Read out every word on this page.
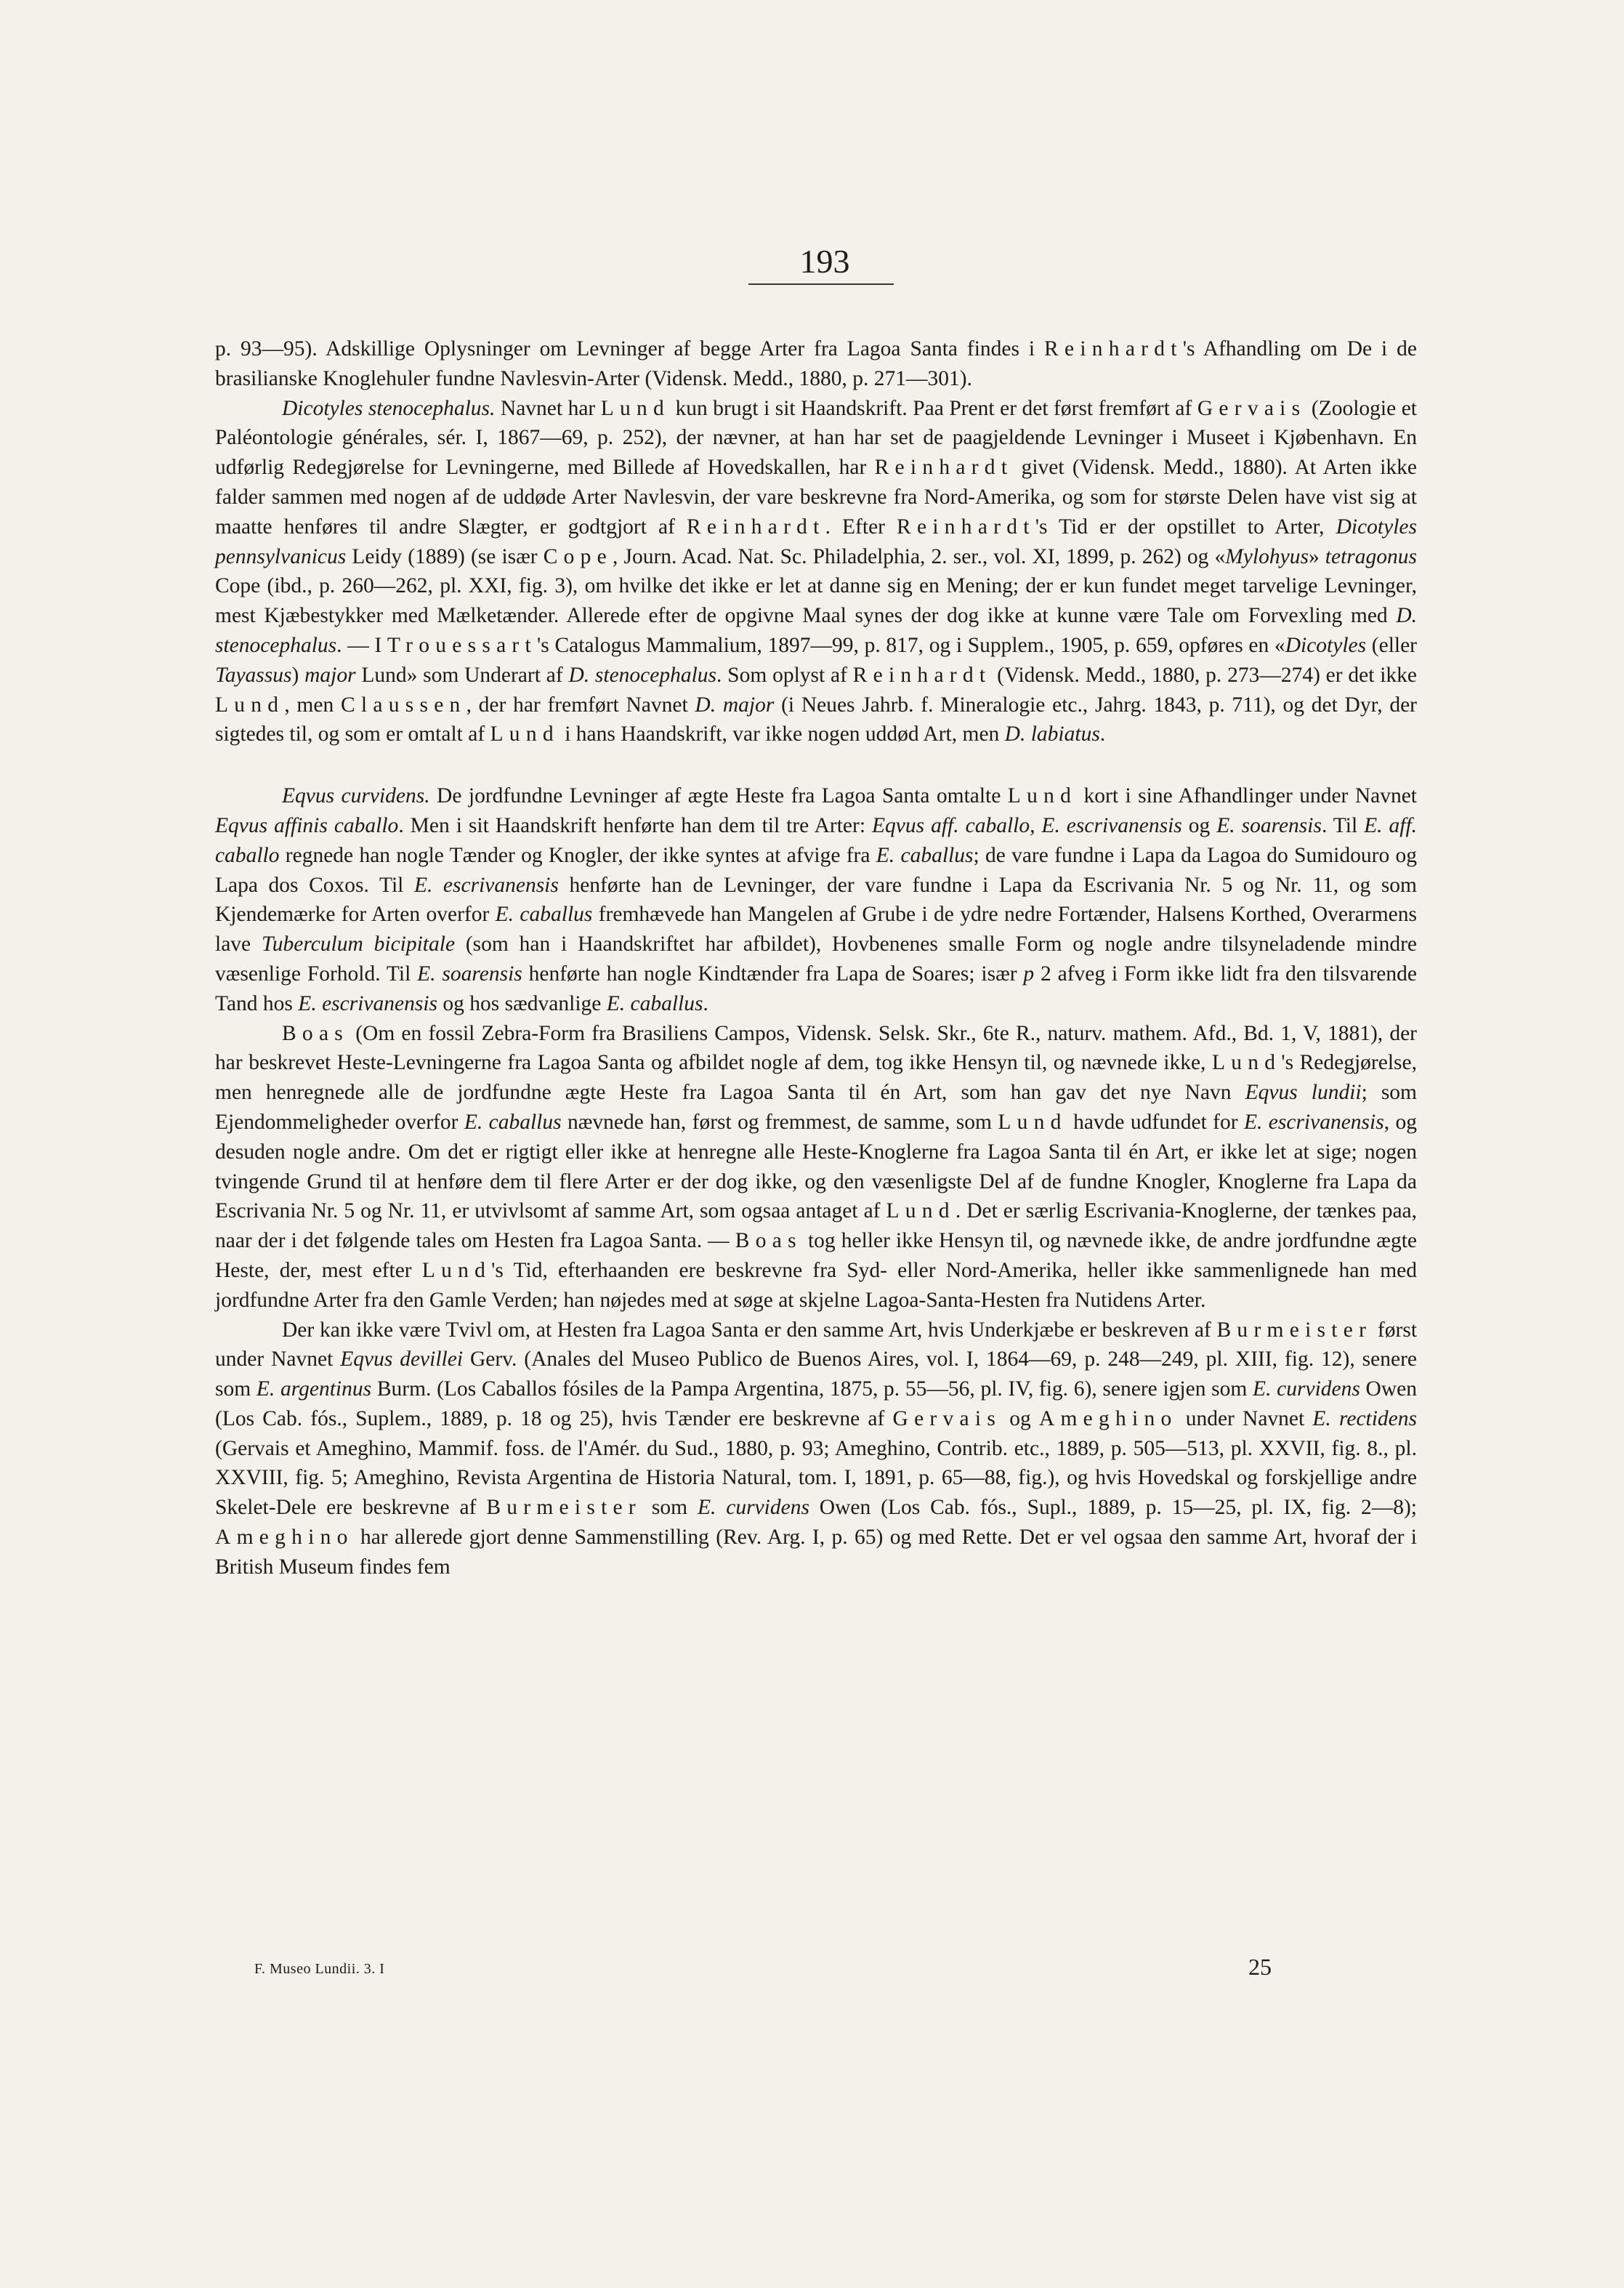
193

p. 93—95). Adskillige Oplysninger om Levninger af begge Arter fra Lagoa Santa findes i Reinhardt's Afhandling om De i de brasilianske Knoglehuler fundne Navlesvin-Arter (Vidensk. Medd., 1880, p. 271—301).

Dicotyles stenocephalus. Navnet har Lund kun brugt i sit Haandskrift. Paa Prent er det først fremført af Gervais (Zoologie et Paléontologie générales, sér. I, 1867—69, p. 252), der nævner, at han har set de paagjeldende Levninger i Museet i Kjøbenhavn. En udførlig Redegjørelse for Levningerne, med Billede af Hovedskallen, har Reinhardt givet (Vidensk. Medd., 1880). At Arten ikke falder sammen med nogen af de uddøde Arter Navlesvin, der vare beskrevne fra Nord-Amerika, og som for største Delen have vist sig at maatte henføres til andre Slægter, er godtgjort af Reinhardt. Efter Reinhardt's Tid er der opstillet to Arter, Dicotyles pennsylvanicus Leidy (1889) (se især Cope, Journ. Acad. Nat. Sc. Philadelphia, 2. ser., vol. XI, 1899, p. 262) og «Mylohyus» tetragonus Cope (ibd., p. 260—262, pl. XXI, fig. 3), om hvilke det ikke er let at danne sig en Mening; der er kun fundet meget tarvelige Levninger, mest Kjæbestykker med Mælketænder. Allerede efter de opgivne Maal synes der dog ikke at kunne være Tale om Forvexling med D. stenocephalus. — I Trouessart's Catalogus Mammalium, 1897—99, p. 817, og i Supplem., 1905, p. 659, opføres en «Dicotyles (eller Tayassus) major Lund» som Underart af D. stenocephalus. Som oplyst af Reinhardt (Vidensk. Medd., 1880, p. 273—274) er det ikke Lund, men Claussen, der har fremført Navnet D. major (i Neues Jahrb. f. Mineralogie etc., Jahrg. 1843, p. 711), og det Dyr, der sigtedes til, og som er omtalt af Lund i hans Haandskrift, var ikke nogen uddød Art, men D. labiatus.

Eqvus curvidens. De jordfundne Levninger af ægte Heste fra Lagoa Santa omtalte Lund kort i sine Afhandlinger under Navnet Eqvus affinis caballo. Men i sit Haandskrift henførte han dem til tre Arter: Eqvus aff. caballo, E. escrivanensis og E. soarensis. Til E. aff. caballo regnede han nogle Tænder og Knogler, der ikke syntes at afvige fra E. caballus; de vare fundne i Lapa da Lagoa do Sumidouro og Lapa dos Coxos. Til E. escrivanensis henførte han de Levninger, der vare fundne i Lapa da Escrivania Nr. 5 og Nr. 11, og som Kjendemærke for Arten overfor E. caballus fremhævede han Mangelen af Grube i de ydre nedre Fortænder, Halsens Korthed, Overarmens lave Tuberculum bicipitale (som han i Haandskriftet har afbildet), Hovbenenes smalle Form og nogle andre tilsyneladende mindre væsenlige Forhold. Til E. soarensis henførte han nogle Kindtænder fra Lapa de Soares; især p 2 afveg i Form ikke lidt fra den tilsvarende Tand hos E. escrivanensis og hos sædvanlige E. caballus.

Boas (Om en fossil Zebra-Form fra Brasiliens Campos, Vidensk. Selsk. Skr., 6te R., naturv. mathem. Afd., Bd. 1, V, 1881), der har beskrevet Heste-Levningerne fra Lagoa Santa og afbildet nogle af dem, tog ikke Hensyn til, og nævnede ikke, Lund's Redegjørelse, men henregnede alle de jordfundne ægte Heste fra Lagoa Santa til én Art, som han gav det nye Navn Eqvus lundii; som Ejendommeligheder overfor E. caballus nævnede han, først og fremmest, de samme, som Lund havde udfundet for E. escrivanensis, og desuden nogle andre. Om det er rigtigt eller ikke at henregne alle Heste-Knoglerne fra Lagoa Santa til én Art, er ikke let at sige; nogen tvingende Grund til at henføre dem til flere Arter er der dog ikke, og den væsenligste Del af de fundne Knogler, Knoglerne fra Lapa da Escrivania Nr. 5 og Nr. 11, er utvivlsomt af samme Art, som ogsaa antaget af Lund. Det er særlig Escrivania-Knoglerne, der tænkes paa, naar der i det følgende tales om Hesten fra Lagoa Santa. — Boas tog heller ikke Hensyn til, og nævnede ikke, de andre jordfundne ægte Heste, der, mest efter Lund's Tid, efterhaanden ere beskrevne fra Syd- eller Nord-Amerika, heller ikke sammenlignede han med jordfundne Arter fra den Gamle Verden; han nøjedes med at søge at skjelne Lagoa-Santa-Hesten fra Nutidens Arter.

Der kan ikke være Tvivl om, at Hesten fra Lagoa Santa er den samme Art, hvis Underkjæbe er beskreven af Burmeister først under Navnet Eqvus devillei Gerv. (Anales del Museo Publico de Buenos Aires, vol. I, 1864—69, p. 248—249, pl. XIII, fig. 12), senere som E. argentinus Burm. (Los Caballos fósiles de la Pampa Argentina, 1875, p. 55—56, pl. IV, fig. 6), senere igjen som E. curvidens Owen (Los Cab. fós., Suplem., 1889, p. 18 og 25), hvis Tænder ere beskrevne af Gervais og Ameghino under Navnet E. rectidens (Gervais et Ameghino, Mammif. foss. de l'Amér. du Sud., 1880, p. 93; Ameghino, Contrib. etc., 1889, p. 505—513, pl. XXVII, fig. 8., pl. XXVIII, fig. 5; Ameghino, Revista Argentina de Historia Natural, tom. I, 1891, p. 65—88, fig.), og hvis Hovedskal og forskjellige andre Skelet-Dele ere beskrevne af Burmeister som E. curvidens Owen (Los Cab. fós., Supl., 1889, p. 15—25, pl. IX, fig. 2—8); Ameghino har allerede gjort denne Sammenstilling (Rev. Arg. I, p. 65) og med Rette. Det er vel ogsaa den samme Art, hvoraf der i British Museum findes fem

F. Museo Lundii. 3. I	25
